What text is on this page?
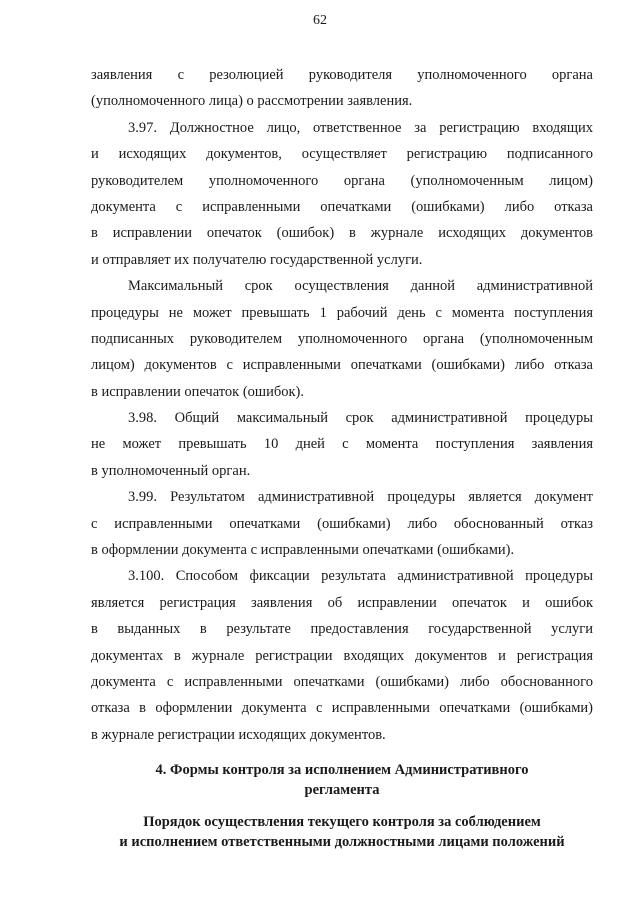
62
заявления с резолюцией руководителя уполномоченного органа
(уполномоченного лица) о рассмотрении заявления.
3.97. Должностное лицо, ответственное за регистрацию входящих
и исходящих документов, осуществляет регистрацию подписанного
руководителем уполномоченного органа (уполномоченным лицом)
документа с исправленными опечатками (ошибками) либо отказа
в исправлении опечаток (ошибок) в журнале исходящих документов
и отправляет их получателю государственной услуги.
Максимальный срок осуществления данной административной
процедуры не может превышать 1 рабочий день с момента поступления
подписанных руководителем уполномоченного органа (уполномоченным
лицом) документов с исправленными опечатками (ошибками) либо отказа
в исправлении опечаток (ошибок).
3.98. Общий максимальный срок административной процедуры
не может превышать 10 дней с момента поступления заявления
в уполномоченный орган.
3.99. Результатом административной процедуры является документ
с исправленными опечатками (ошибками) либо обоснованный отказ
в оформлении документа с исправленными опечатками (ошибками).
3.100. Способом фиксации результата административной процедуры
является регистрация заявления об исправлении опечаток и ошибок
в выданных в результате предоставления государственной услуги
документах в журнале регистрации входящих документов и регистрация
документа с исправленными опечатками (ошибками) либо обоснованного
отказа в оформлении документа с исправленными опечатками (ошибками)
в журнале регистрации исходящих документов.
4. Формы контроля за исполнением Административного
регламента
Порядок осуществления текущего контроля за соблюдением
и исполнением ответственными должностными лицами положений
